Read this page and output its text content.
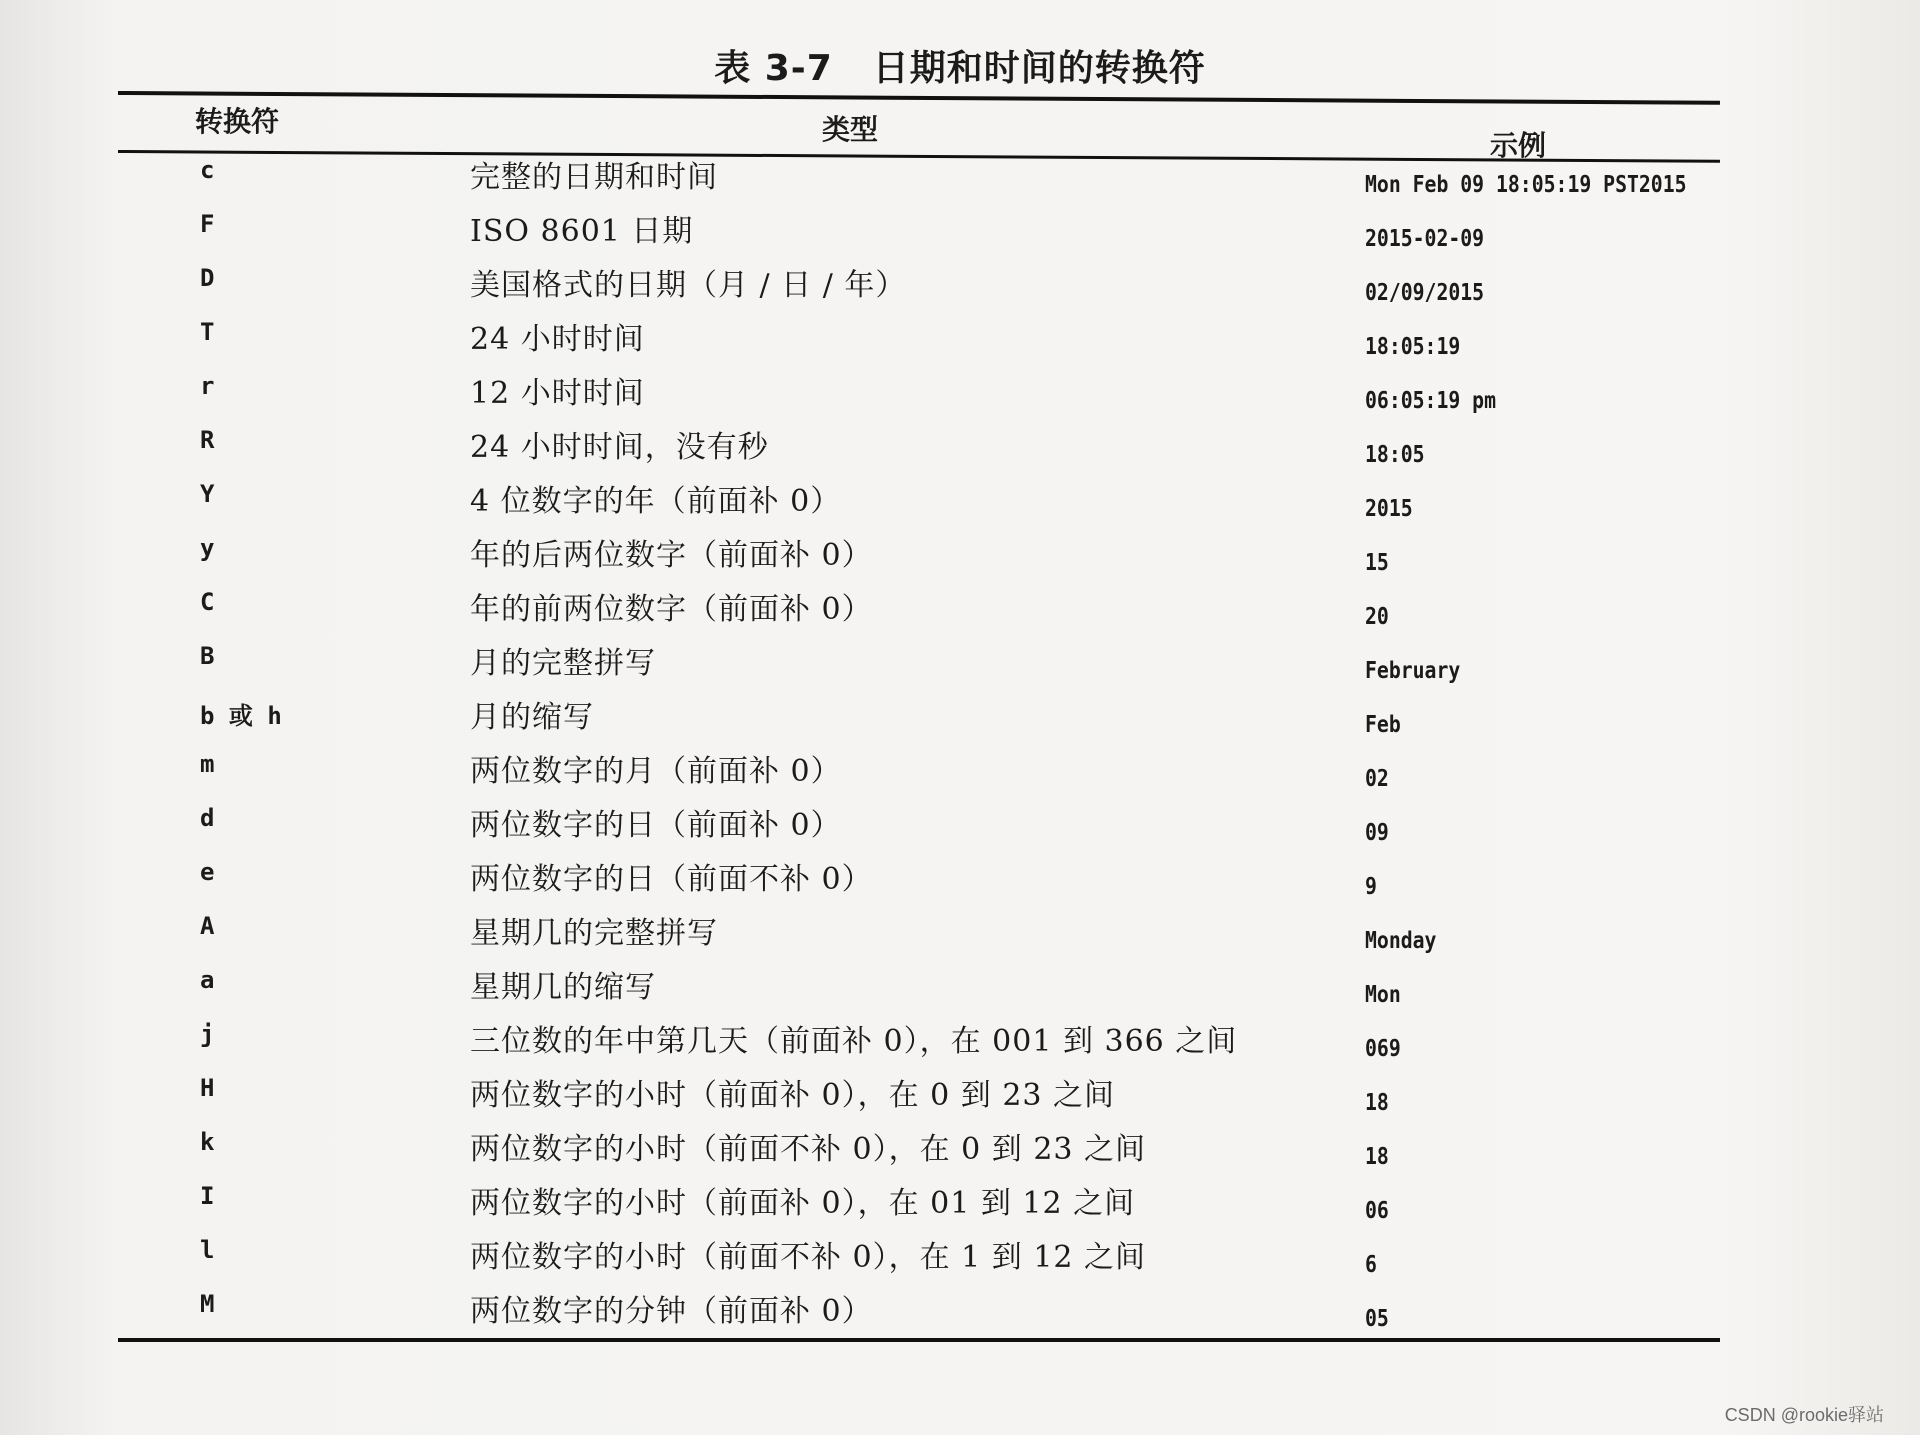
表 3-7 日期和时间的转换符
转换符	类型	示例
c	完整的日期和时间	Mon Feb 09 18:05:19 PST2015
F	ISO 8601 日期	2015-02-09
D	美国格式的日期（月 / 日 / 年）	02/09/2015
T	24 小时时间	18:05:19
r	12 小时时间	06:05:19 pm
R	24 小时时间，没有秒	18:05
Y	4 位数字的年（前面补 0）	2015
y	年的后两位数字（前面补 0）	15
C	年的前两位数字（前面补 0）	20
B	月的完整拼写	February
b 或 h	月的缩写	Feb
m	两位数字的月（前面补 0）	02
d	两位数字的日（前面补 0）	09
e	两位数字的日（前面不补 0）	9
A	星期几的完整拼写	Monday
a	星期几的缩写	Mon
j	三位数的年中第几天（前面补 0），在 001 到 366 之间	069
H	两位数字的小时（前面补 0），在 0 到 23 之间	18
k	两位数字的小时（前面不补 0），在 0 到 23 之间	18
I	两位数字的小时（前面补 0），在 01 到 12 之间	06
l	两位数字的小时（前面不补 0），在 1 到 12 之间	6
M	两位数字的分钟（前面补 0）	05
CSDN @rookie驿站
